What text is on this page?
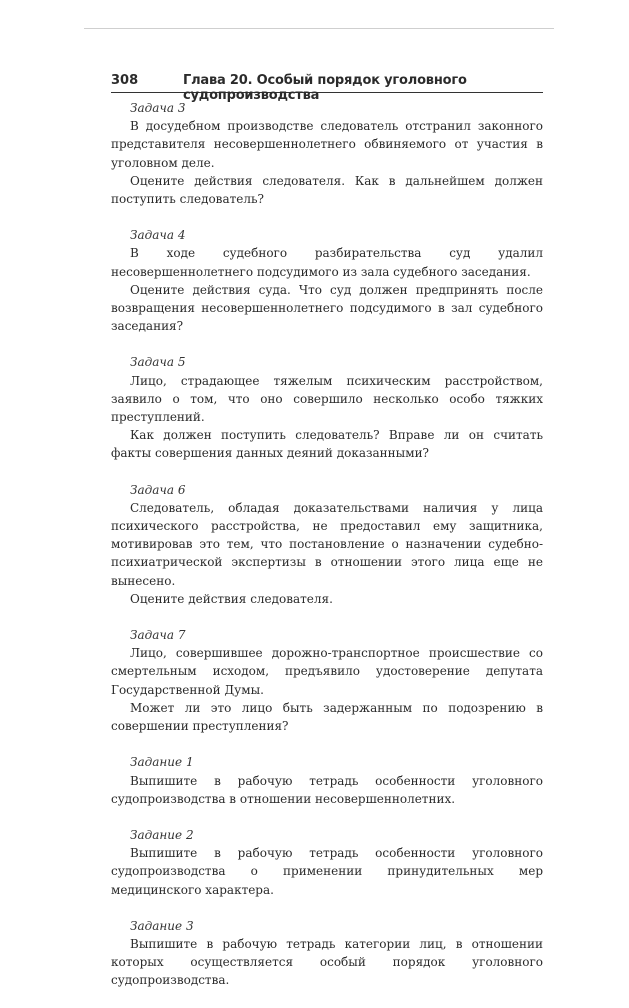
308	Глава 20. Особый порядок уголовного судопроизводства
Задача 3

В досудебном производстве следователь отстранил законного представителя несовершеннолетнего обвиняемого от участия в уголовном деле.

Оцените действия следователя. Как в дальнейшем должен поступить следователь?

Задача 4

В ходе судебного разбирательства суд удалил несовершеннолетнего подсудимого из зала судебного заседания.

Оцените действия суда. Что суд должен предпринять после возвращения несовершеннолетнего подсудимого в зал судебного заседания?

Задача 5

Лицо, страдающее тяжелым психическим расстройством, заявило о том, что оно совершило несколько особо тяжких преступлений.

Как должен поступить следователь? Вправе ли он считать факты совершения данных деяний доказанными?

Задача 6

Следователь, обладая доказательствами наличия у лица психического расстройства, не предоставил ему защитника, мотивировав это тем, что постановление о назначении судебно-психиатрической экспертизы в отношении этого лица еще не вынесено.

Оцените действия следователя.

Задача 7

Лицо, совершившее дорожно-транспортное происшествие со смертельным исходом, предъявило удостоверение депутата Государственной Думы.

Может ли это лицо быть задержанным по подозрению в совершении преступления?

Задание 1

Выпишите в рабочую тетрадь особенности уголовного судопроизводства в отношении несовершеннолетних.

Задание 2

Выпишите в рабочую тетрадь особенности уголовного судопроизводства о применении принудительных мер медицинского характера.

Задание 3

Выпишите в рабочую тетрадь категории лиц, в отношении которых осуществляется особый порядок уголовного судопроизводства.
